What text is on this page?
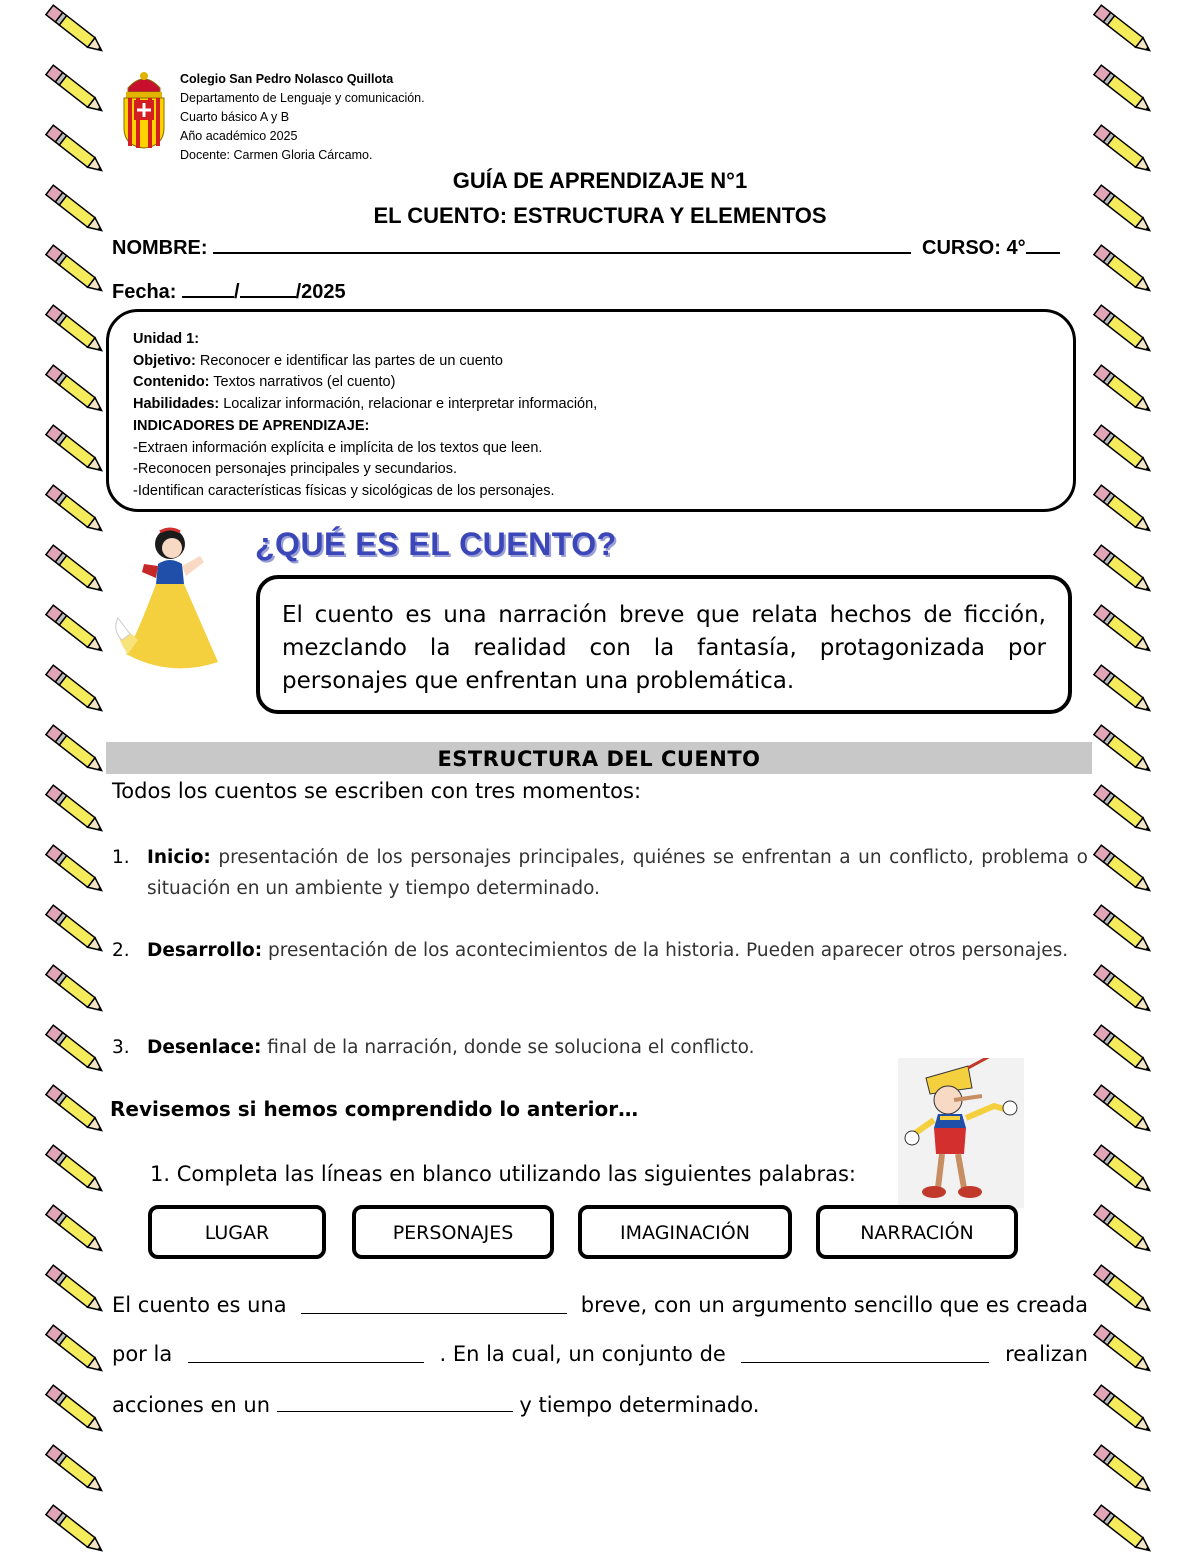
Colegio San Pedro Nolasco Quillota
Departamento de Lenguaje y comunicación.
Cuarto básico A y B
Año académico 2025
Docente: Carmen Gloria Cárcamo.
GUÍA DE APRENDIZAJE N°1
EL CUENTO: ESTRUCTURA Y ELEMENTOS
NOMBRE:	CURSO: 4°
Fecha:	/	/2025
Unidad 1:
Objetivo: Reconocer e identificar las partes de un cuento
Contenido: Textos narrativos (el cuento)
Habilidades: Localizar información, relacionar e interpretar información,
INDICADORES DE APRENDIZAJE:
-Extraen información explícita e implícita de los textos que leen.
-Reconocen personajes principales y secundarios.
-Identifican características físicas y sicológicas de los personajes.
¿QUÉ ES EL CUENTO?
El cuento es una narración breve que relata hechos de ficción, mezclando la realidad con la fantasía, protagonizada por personajes que enfrentan una problemática.
ESTRUCTURA DEL CUENTO
Todos los cuentos se escriben con tres momentos:
1. Inicio: presentación de los personajes principales, quiénes se enfrentan a un conflicto, problema o situación en un ambiente y tiempo determinado.
2. Desarrollo: presentación de los acontecimientos de la historia. Pueden aparecer otros personajes.
3. Desenlace: final de la narración, donde se soluciona el conflicto.
Revisemos si hemos comprendido lo anterior…
1. Completa las líneas en blanco utilizando las siguientes palabras:
LUGAR	PERSONAJES	IMAGINACIÓN	NARRACIÓN
El cuento es una	breve, con un argumento sencillo que es creada
por la	. En la cual, un conjunto de	realizan
acciones en un	y tiempo determinado.
